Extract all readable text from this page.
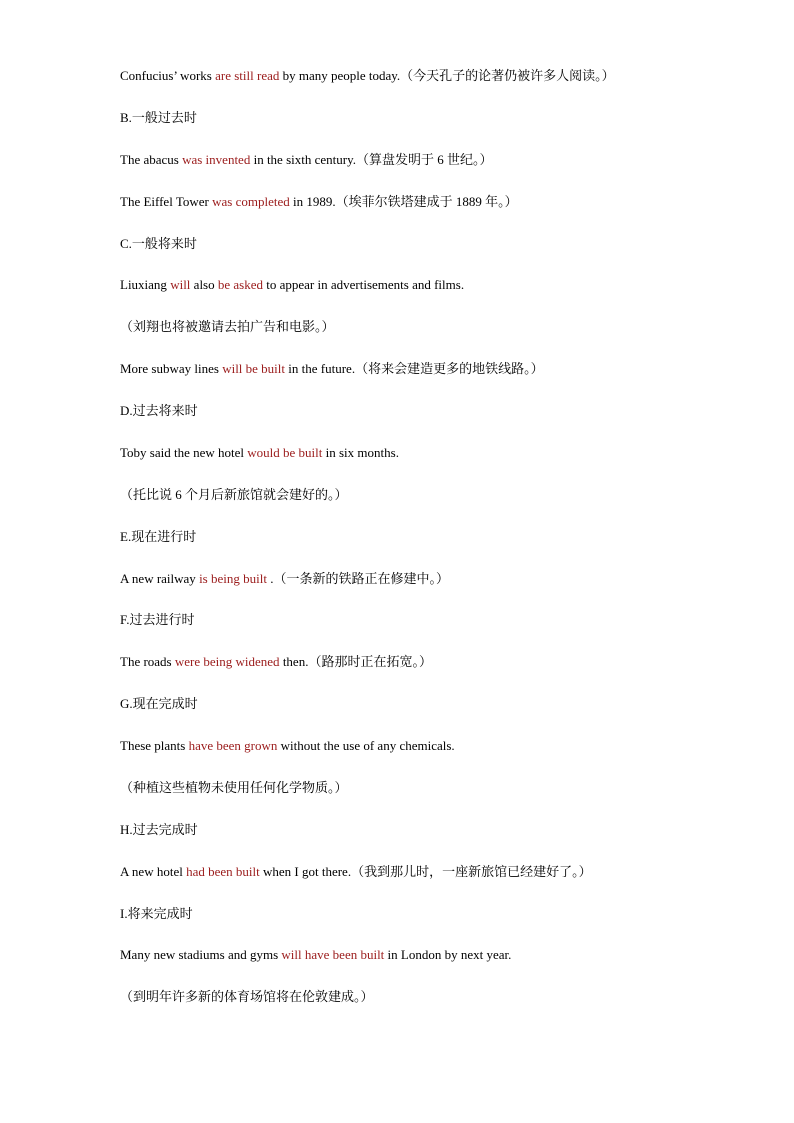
Confucius’ works are still read by many people today.（今天孔子的论著仍被许多人阅读。）
B.一般过去时
The abacus was invented in the sixth century.（算盘发明于 6 世纪。）
The Eiffel Tower was completed in 1989.（埃菲尔铁塔建成于 1889 年。）
C.一般将来时
Liuxiang will also be asked to appear in advertisements and films.
（刘翔也将被邀请去拍广告和电影。）
More subway lines will be built in the future.（将来会建造更多的地铁线路。）
D.过去将来时
Toby said the new hotel would be built in six months.
（托比说 6 个月后新旅馆就会建好的。）
E.现在进行时
A new railway is being built .（一条新的铁路正在修建中。）
F.过去进行时
The roads were being widened then.（路那时正在拓宽。）
G.现在完成时
These plants have been grown without the use of any chemicals.
（种植这些植物未使用任何化学物质。）
H.过去完成时
A new hotel had been built when I got there.（我到那儿时，一座新旅馆已经建好了。）
I.将来完成时
Many new stadiums and gyms will have been built in London by next year.
（到明年许多新的体育场馆将在伦敦建成。）
